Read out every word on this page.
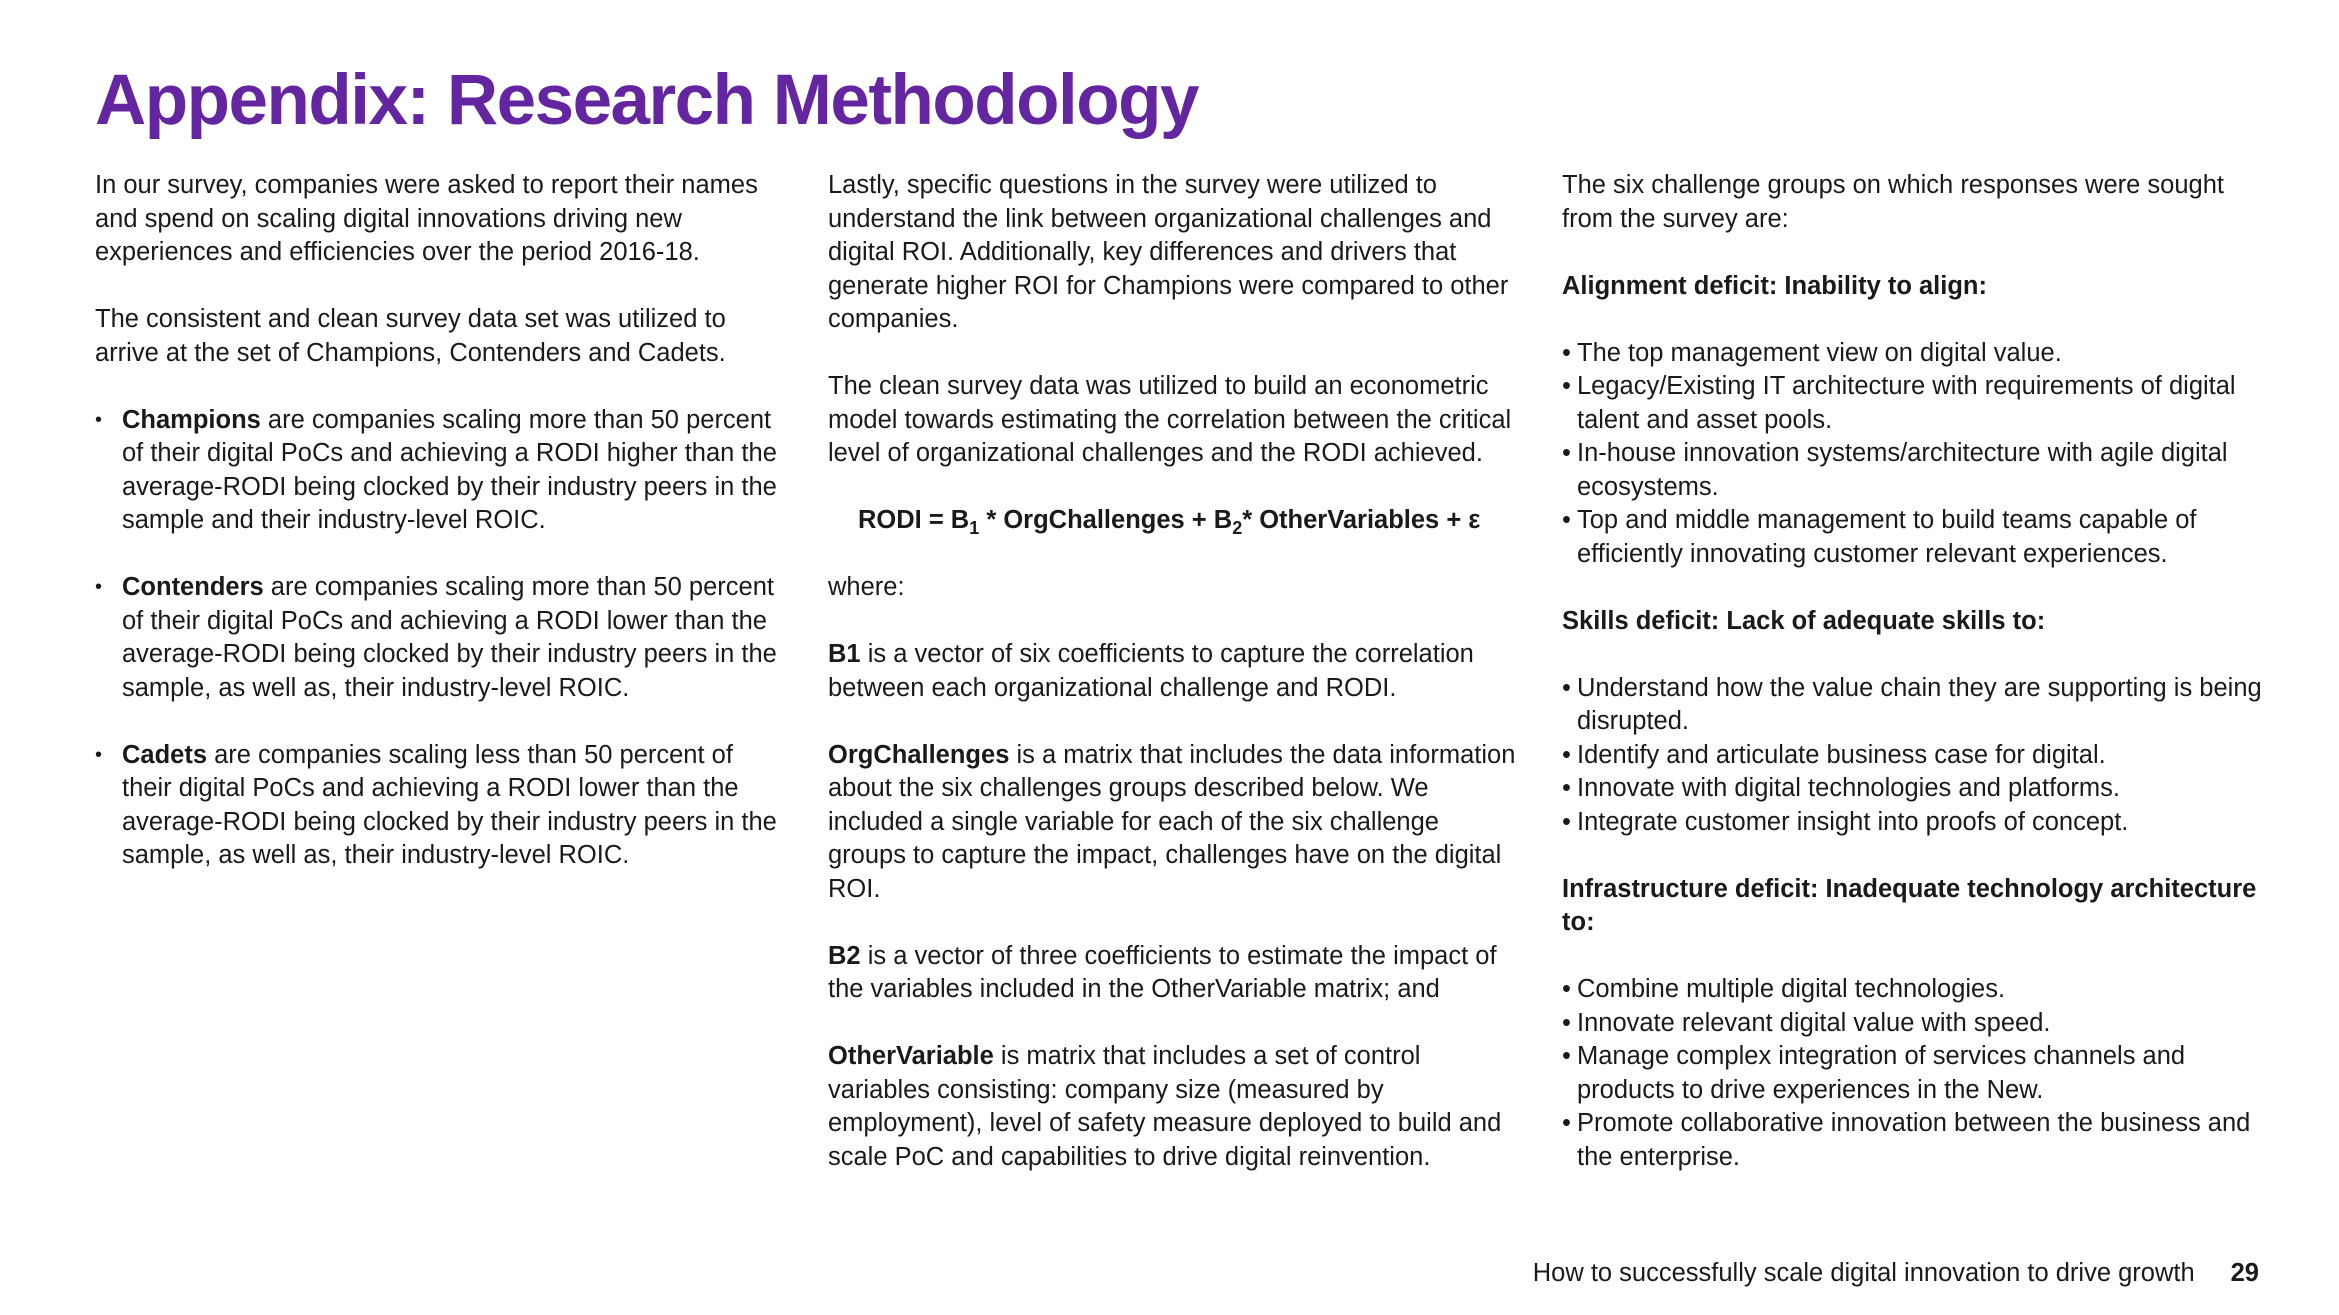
Appendix: Research Methodology

In our survey, companies were asked to report their names and spend on scaling digital innovations driving new experiences and efficiencies over the period 2016-18.

The consistent and clean survey data set was utilized to arrive at the set of Champions, Contenders and Cadets.

• Champions are companies scaling more than 50 percent of their digital PoCs and achieving a RODI higher than the average-RODI being clocked by their industry peers in the sample and their industry-level ROIC.
• Contenders are companies scaling more than 50 percent of their digital PoCs and achieving a RODI lower than the average-RODI being clocked by their industry peers in the sample, as well as, their industry-level ROIC.
• Cadets are companies scaling less than 50 percent of their digital PoCs and achieving a RODI lower than the average-RODI being clocked by their industry peers in the sample, as well as, their industry-level ROIC.

Lastly, specific questions in the survey were utilized to understand the link between organizational challenges and digital ROI. Additionally, key differences and drivers that generate higher ROI for Champions were compared to other companies.

The clean survey data was utilized to build an econometric model towards estimating the correlation between the critical level of organizational challenges and the RODI achieved.

RODI = $B_1$ * OrgChallenges + $B_2*$ OtherVariables + ε

where:

B1 is a vector of six coefficients to capture the correlation between each organizational challenge and RODI.

OrgChallenges is a matrix that includes the data information about the six challenges groups described below. We included a single variable for each of the six challenge groups to capture the impact, challenges have on the digital ROI.

B2 is a vector of three coefficients to estimate the impact of the variables included in the OtherVariable matrix; and

OtherVariable is matrix that includes a set of control variables consisting: company size (measured by employment), level of safety measure deployed to build and scale PoC and capabilities to drive digital reinvention.

The six challenge groups on which responses were sought from the survey are:

Alignment deficit: Inability to align:

• The top management view on digital value.
• Legacy/Existing IT architecture with requirements of digital talent and asset pools.
• In-house innovation systems/architecture with agile digital ecosystems.
• Top and middle management to build teams capable of efficiently innovating customer relevant experiences.

Skills deficit: Lack of adequate skills to:

• Understand how the value chain they are supporting is being disrupted.
• Identify and articulate business case for digital.
• Innovate with digital technologies and platforms.
• Integrate customer insight into proofs of concept.

Infrastructure deficit: Inadequate technology architecture to:

• Combine multiple digital technologies.
• Innovate relevant digital value with speed.
• Manage complex integration of services channels and products to drive experiences in the New.
• Promote collaborative innovation between the business and the enterprise.
How to successfully scale digital innovation to drive growth 29
